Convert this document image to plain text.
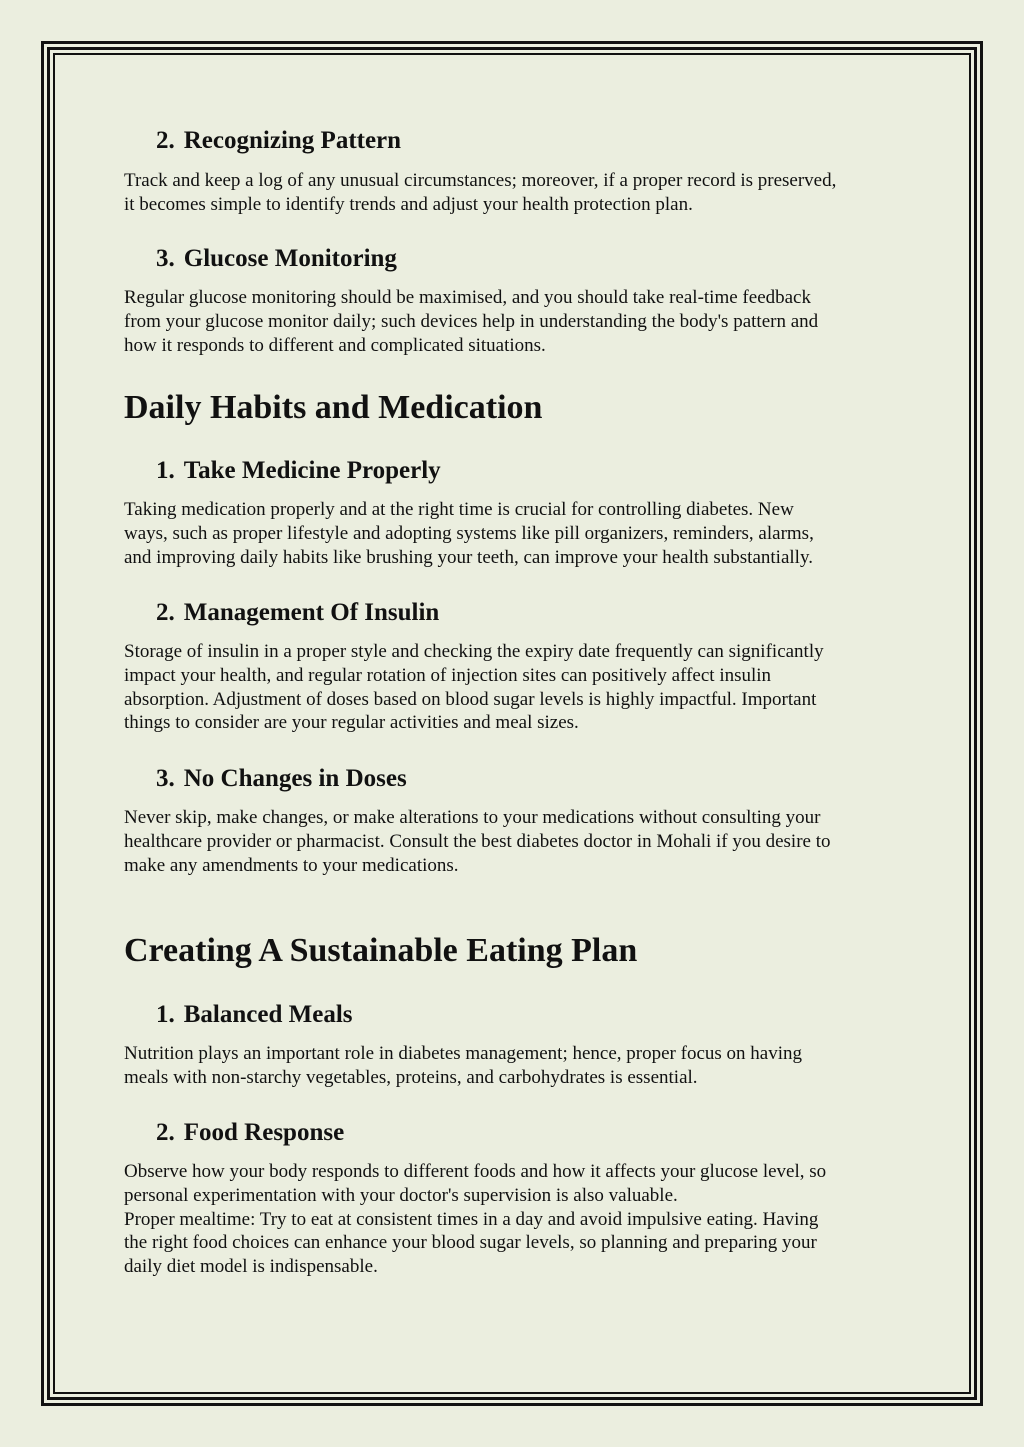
2. Recognizing Pattern

Track and keep a log of any unusual circumstances; moreover, if a proper record is preserved,
it becomes simple to identify trends and adjust your health protection plan.

3. Glucose Monitoring

Regular glucose monitoring should be maximised, and you should take real-time feedback
from your glucose monitor daily; such devices help in understanding the body's pattern and
how it responds to different and complicated situations.

Daily Habits and Medication
1. Take Medicine Properly

Taking medication properly and at the right time is crucial for controlling diabetes. New
ways, such as proper lifestyle and adopting systems like pill organizers, reminders, alarms,
and improving daily habits like brushing your teeth, can improve your health substantially.

2. Management Of Insulin

Storage of insulin in a proper style and checking the expiry date frequently can significantly
impact your health, and regular rotation of injection sites can positively affect insulin
absorption. Adjustment of doses based on blood sugar levels is highly impactful. Important
things to consider are your regular activities and meal sizes.

3. No Changes in Doses

Never skip, make changes, or make alterations to your medications without consulting your
healthcare provider or pharmacist. Consult the best diabetes doctor in Mohali if you desire to
make any amendments to your medications.

Creating A Sustainable Eating Plan
1. Balanced Meals

Nutrition plays an important role in diabetes management; hence, proper focus on having
meals with non-starchy vegetables, proteins, and carbohydrates is essential.

2. Food Response

Observe how your body responds to different foods and how it affects your glucose level, so
personal experimentation with your doctor's supervision is also valuable.
Proper mealtime: Try to eat at consistent times in a day and avoid impulsive eating. Having
the right food choices can enhance your blood sugar levels, so planning and preparing your
daily diet model is indispensable.
